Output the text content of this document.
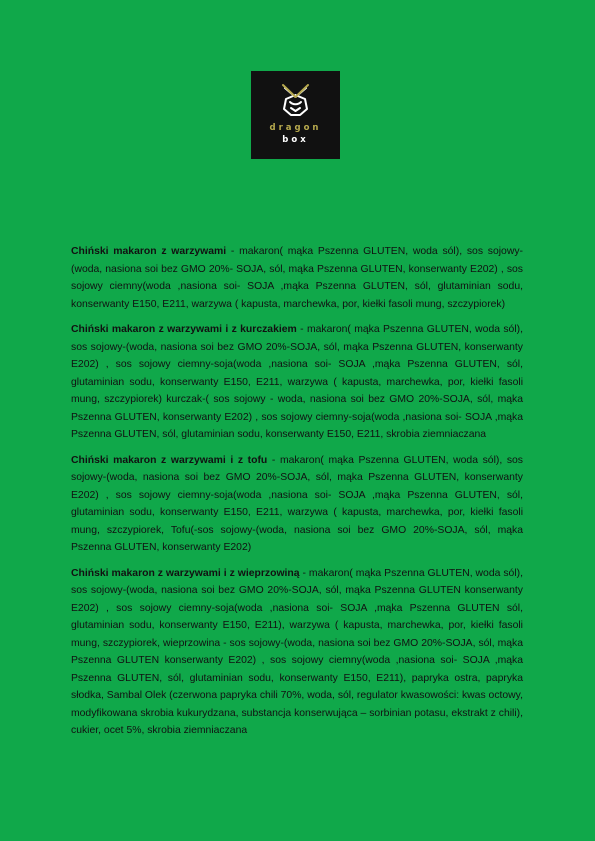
dragon
box

Chiński makaron z warzywami - makaron( mąka Pszenna GLUTEN, woda sól), sos sojowy-(woda, nasiona soi bez GMO 20%- SOJA, sól, mąka Pszenna GLUTEN, konserwanty E202) , sos sojowy ciemny(woda ,nasiona soi- SOJA ,mąka Pszenna GLUTEN, sól, glutaminian sodu, konserwanty E150, E211, warzywa ( kapusta, marchewka, por, kiełki fasoli mung, szczypiorek)

Chiński makaron z warzywami i z kurczakiem - makaron( mąka Pszenna GLUTEN, woda sól), sos sojowy-(woda, nasiona soi bez GMO 20%-SOJA, sól, mąka Pszenna GLUTEN, konserwanty E202) , sos sojowy ciemny-soja(woda ,nasiona soi- SOJA ,mąka Pszenna GLUTEN, sól, glutaminian sodu, konserwanty E150, E211, warzywa ( kapusta, marchewka, por, kiełki fasoli mung, szczypiorek) kurczak-( sos sojowy - woda, nasiona soi bez GMO 20%-SOJA, sól, mąka Pszenna GLUTEN, konserwanty E202) , sos sojowy ciemny-soja(woda ,nasiona soi- SOJA ,mąka Pszenna GLUTEN, sól, glutaminian sodu, konserwanty E150, E211, skrobia ziemniaczana

Chiński makaron z warzywami i z tofu - makaron( mąka Pszenna GLUTEN, woda sól), sos sojowy-(woda, nasiona soi bez GMO 20%-SOJA, sól, mąka Pszenna GLUTEN, konserwanty E202) , sos sojowy ciemny-soja(woda ,nasiona soi- SOJA ,mąka Pszenna GLUTEN, sól, glutaminian sodu, konserwanty E150, E211, warzywa ( kapusta, marchewka, por, kiełki fasoli mung, szczypiorek, Tofu(-sos sojowy-(woda, nasiona soi bez GMO 20%-SOJA, sól, mąka Pszenna GLUTEN, konserwanty E202)

Chiński makaron z warzywami i z wieprzowiną - makaron( mąka Pszenna GLUTEN, woda sól), sos sojowy-(woda, nasiona soi bez GMO 20%-SOJA, sól, mąka Pszenna GLUTEN konserwanty E202) , sos sojowy ciemny-soja(woda ,nasiona soi- SOJA ,mąka Pszenna GLUTEN sól, glutaminian sodu, konserwanty E150, E211), warzywa ( kapusta, marchewka, por, kiełki fasoli mung, szczypiorek, wieprzowina - sos sojowy-(woda, nasiona soi bez GMO 20%-SOJA, sól, mąka Pszenna GLUTEN konserwanty E202) , sos sojowy ciemny(woda ,nasiona soi- SOJA ,mąka Pszenna GLUTEN, sól, glutaminian sodu, konserwanty E150, E211), papryka ostra, papryka słodka, Sambal Olek (czerwona papryka chili 70%, woda, sól, regulator kwasowości: kwas octowy, modyfikowana skrobia kukurydzana, substancja konserwująca – sorbinian potasu, ekstrakt z chili), cukier, ocet 5%, skrobia ziemniaczana
